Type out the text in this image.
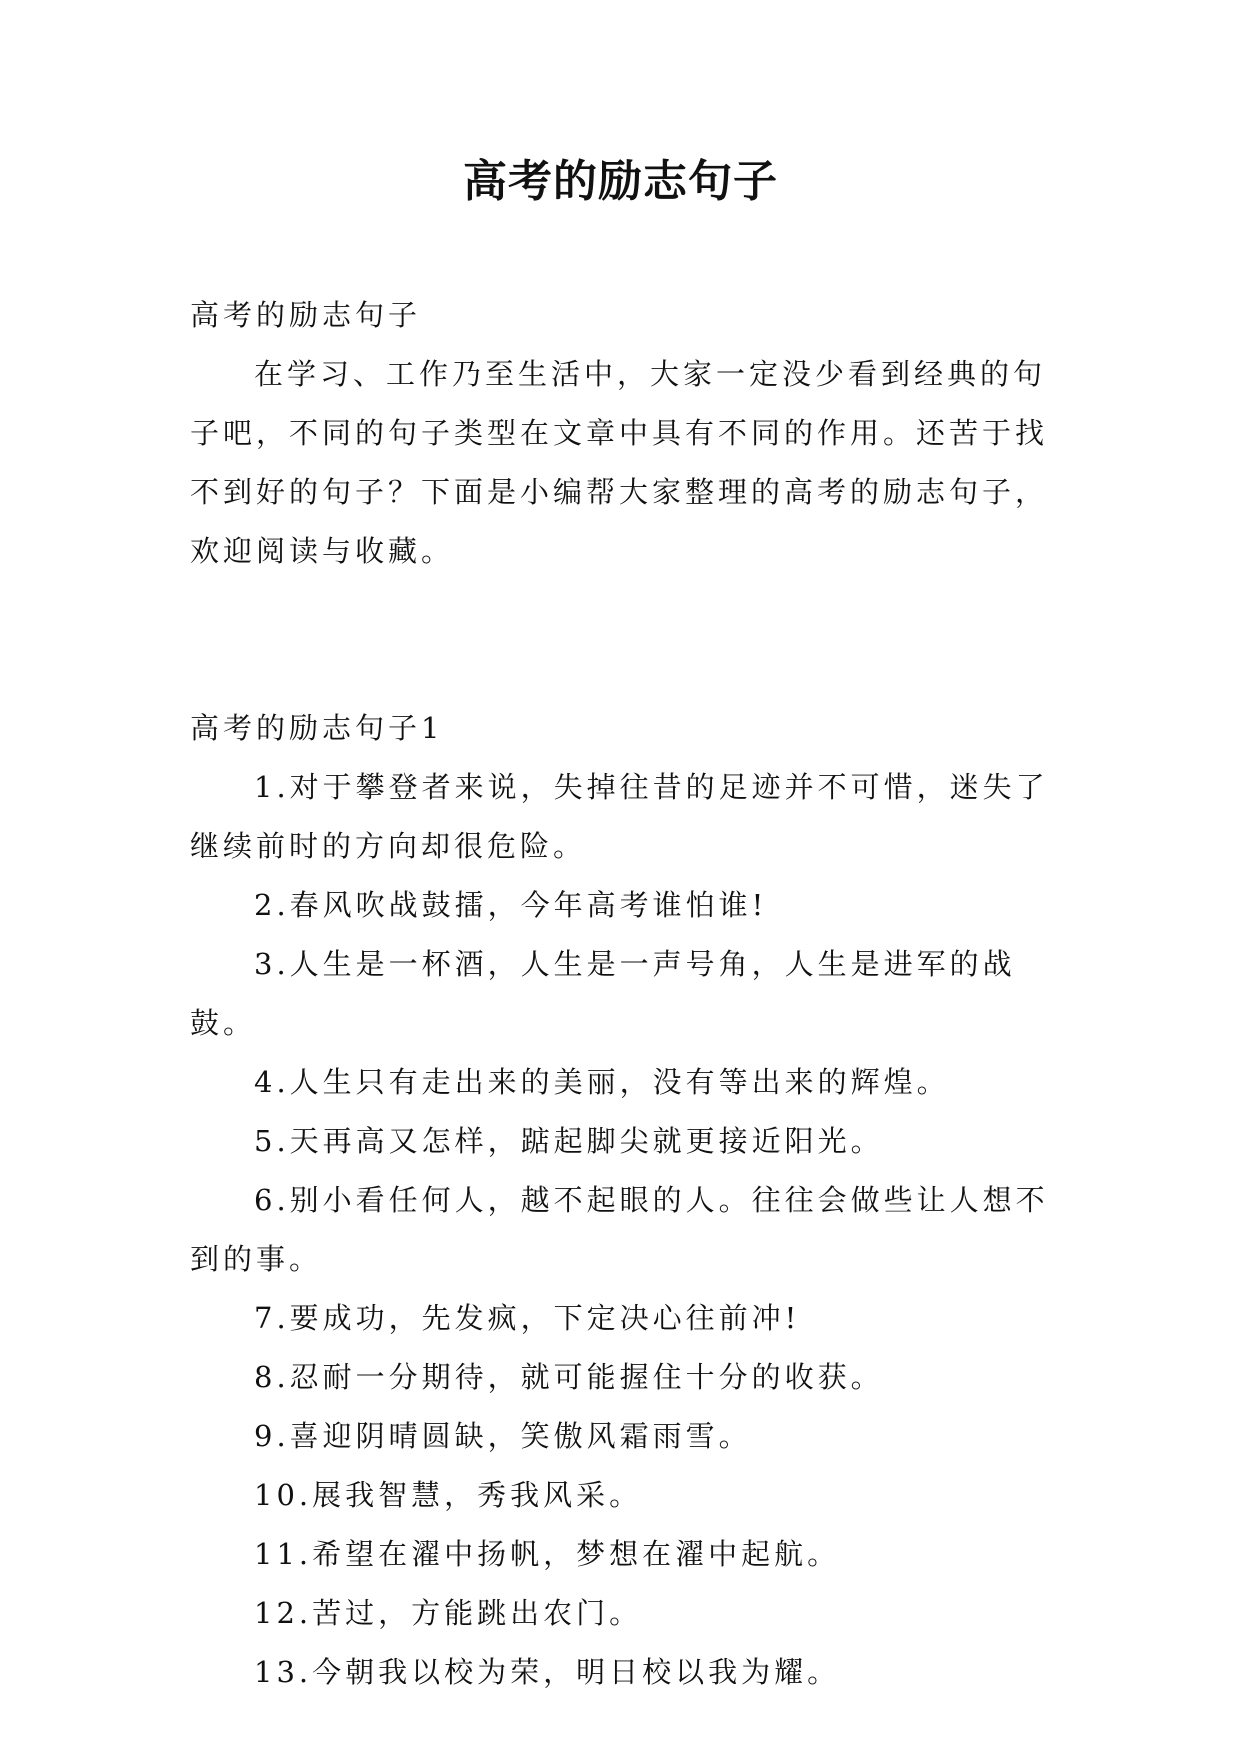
高考的励志句子

高考的励志句子

在学习、工作乃至生活中，大家一定没少看到经典的句子吧，不同的句子类型在文章中具有不同的作用。还苦于找不到好的句子？下面是小编帮大家整理的高考的励志句子，欢迎阅读与收藏。

高考的励志句子1

1.对于攀登者来说，失掉往昔的足迹并不可惜，迷失了继续前时的方向却很危险。

2.春风吹战鼓擂，今年高考谁怕谁!

3.人生是一杯酒，人生是一声号角，人生是进军的战鼓。

4.人生只有走出来的美丽，没有等出来的辉煌。

5.天再高又怎样，踮起脚尖就更接近阳光。

6.别小看任何人，越不起眼的人。往往会做些让人想不到的事。

7.要成功，先发疯，下定决心往前冲!

8.忍耐一分期待，就可能握住十分的收获。

9.喜迎阴晴圆缺，笑傲风霜雨雪。

10.展我智慧，秀我风采。

11.希望在濯中扬帆，梦想在濯中起航。

12.苦过，方能跳出农门。

13.今朝我以校为荣，明日校以我为耀。
